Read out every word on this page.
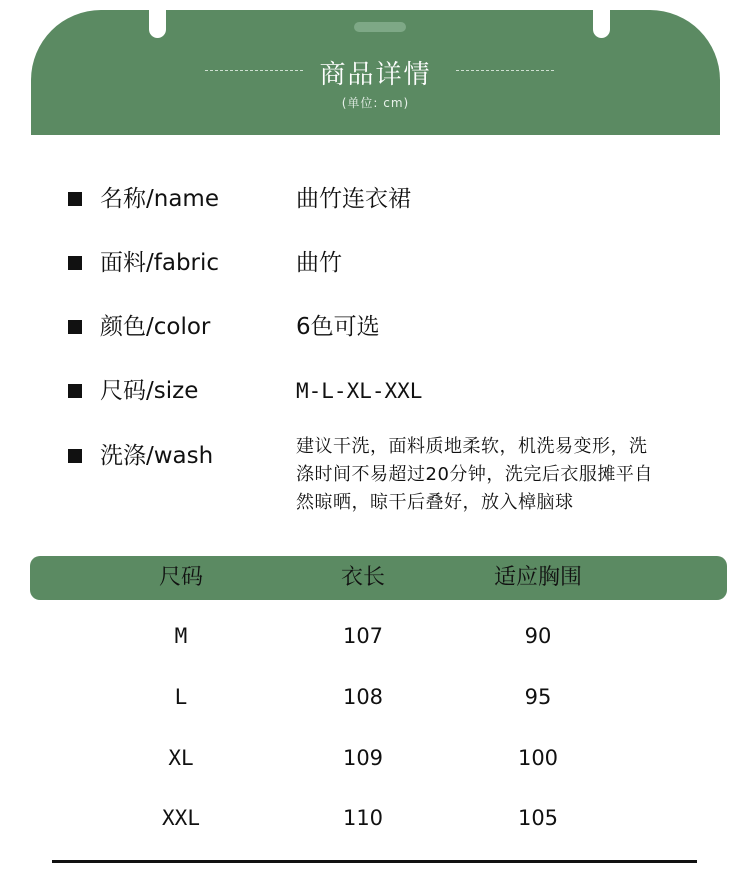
商品详情
(单位: cm)
名称/name	曲竹连衣裙
面料/fabric	曲竹
颜色/color	6色可选
尺码/size	M-L-XL-XXL
洗涤/wash	建议干洗，面料质地柔软，机洗易变形，洗
涤时间不易超过20分钟，洗完后衣服摊平自
然晾晒，晾干后叠好，放入樟脑球
尺码	衣长	适应胸围
M	107	90
L	108	95
XL	109	100
XXL	110	105
